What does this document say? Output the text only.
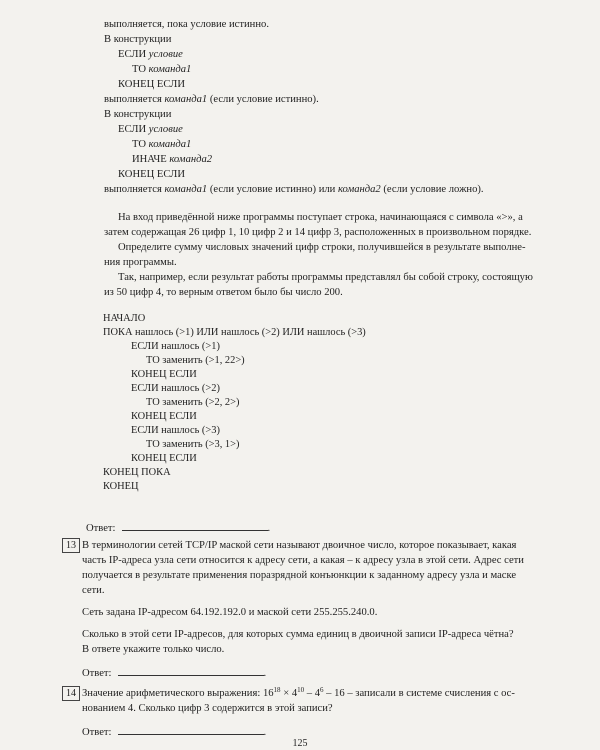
выполняется, пока условие истинно.
В конструкции
ЕСЛИ условие
ТО команда1
КОНЕЦ ЕСЛИ
выполняется команда1 (если условие истинно).
В конструкции
ЕСЛИ условие
ТО команда1
ИНАЧЕ команда2
КОНЕЦ ЕСЛИ
выполняется команда1 (если условие истинно) или команда2 (если условие ложно).
На вход приведённой ниже программы поступает строка, начинающаяся с символа «>», а
затем содержащая 26 цифр 1, 10 цифр 2 и 14 цифр 3, расположенных в произвольном порядке.
Определите сумму числовых значений цифр строки, получившейся в результате выполне-
ния программы.
Так, например, если результат работы программы представлял бы собой строку, состоящую
из 50 цифр 4, то верным ответом было бы число 200.
НАЧАЛО
ПОКА нашлось (>1) ИЛИ нашлось (>2) ИЛИ нашлось (>3)
ЕСЛИ нашлось (>1)
ТО заменить (>1, 22>)
КОНЕЦ ЕСЛИ
ЕСЛИ нашлось (>2)
ТО заменить (>2, 2>)
КОНЕЦ ЕСЛИ
ЕСЛИ нашлось (>3)
ТО заменить (>3, 1>)
КОНЕЦ ЕСЛИ
КОНЕЦ ПОКА
КОНЕЦ
Ответ:	.
13 В терминологии сетей TCP/IP маской сети называют двоичное число, которое показывает, какая
часть IP-адреса узла сети относится к адресу сети, а какая – к адресу узла в этой сети. Адрес сети
получается в результате применения поразрядной конъюнкции к заданному адресу узла и маске
сети.
Сеть задана IP-адресом 64.192.192.0 и маской сети 255.255.240.0.
Сколько в этой сети IP-адресов, для которых сумма единиц в двоичной записи IP-адреса чётна?
В ответе укажите только число.
Ответ:	.
14 Значение арифметического выражения: $16^{18} \times 4^{10} - 4^6 - 16$ – записали в системе счисления с ос-
нованием 4. Сколько цифр 3 содержится в этой записи?
Ответ:	.
125
